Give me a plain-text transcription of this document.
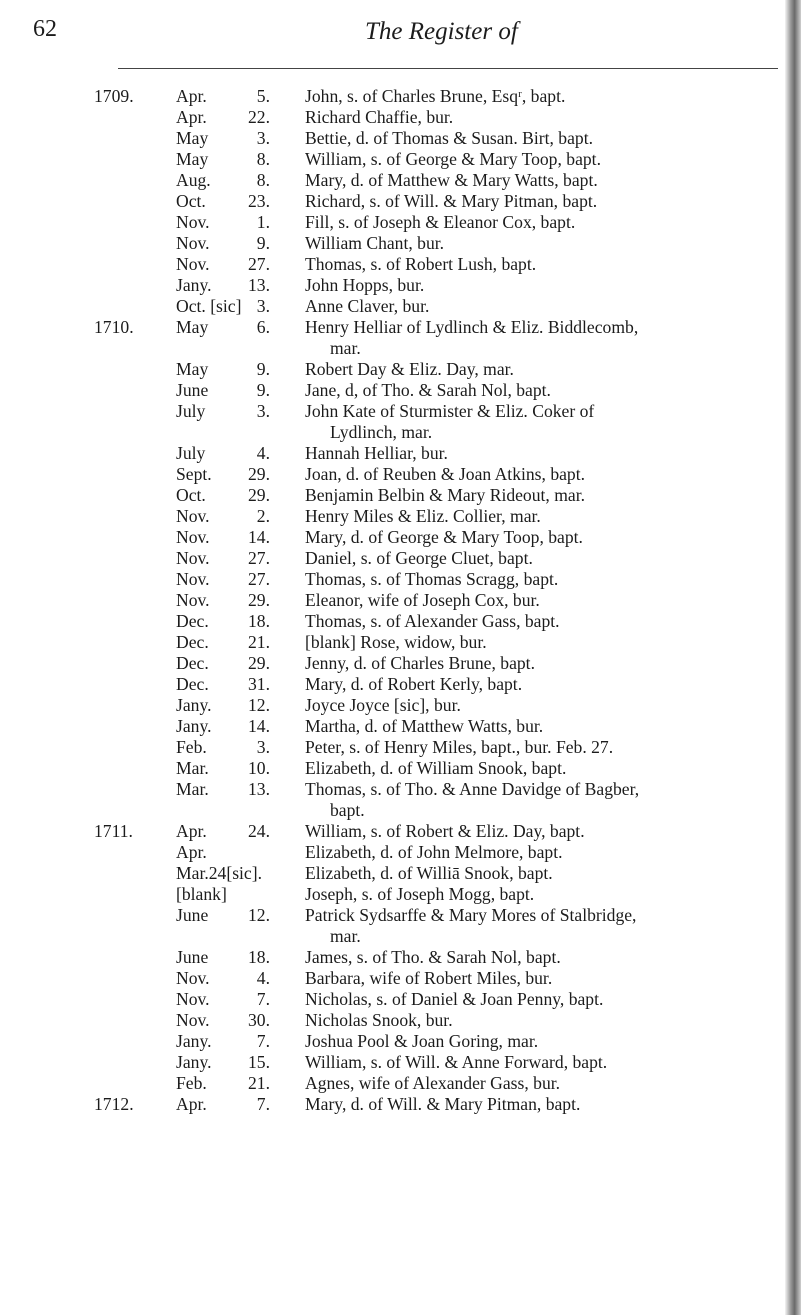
62	The Register of
1709. Apr.	5. John, s. of Charles Brune, Esqʳ, bapt.
Apr.	22. Richard Chaffie, bur.
May	3. Bettie, d. of Thomas & Susan. Birt, bapt.
May	8. William, s. of George & Mary Toop, bapt.
Aug.	8. Mary, d. of Matthew & Mary Watts, bapt.
Oct.	23. Richard, s. of Will. & Mary Pitman, bapt.
Nov.	1. Fill, s. of Joseph & Eleanor Cox, bapt.
Nov.	9. William Chant, bur.
Nov.	27. Thomas, s. of Robert Lush, bapt.
Jany.	13. John Hopps, bur.
Oct. [sic] 3. Anne Claver, bur.
1710. May	6. Henry Helliar of Lydlinch & Eliz. Biddlecomb,
mar.
May	9. Robert Day & Eliz. Day, mar.
June	9. Jane, d, of Tho. & Sarah Nol, bapt.
July	3. John Kate of Sturmister & Eliz. Coker of
Lydlinch, mar.
July	4. Hannah Helliar, bur.
Sept.	29. Joan, d. of Reuben & Joan Atkins, bapt.
Oct.	29. Benjamin Belbin & Mary Rideout, mar.
Nov.	2. Henry Miles & Eliz. Collier, mar.
Nov.	14. Mary, d. of George & Mary Toop, bapt.
Nov.	27. Daniel, s. of George Cluet, bapt.
Nov.	27. Thomas, s. of Thomas Scragg, bapt.
Nov.	29. Eleanor, wife of Joseph Cox, bur.
Dec.	18. Thomas, s. of Alexander Gass, bapt.
Dec.	21. [blank] Rose, widow, bur.
Dec.	29. Jenny, d. of Charles Brune, bapt.
Dec.	31. Mary, d. of Robert Kerly, bapt.
Jany.	12. Joyce Joyce [sic], bur.
Jany.	14. Martha, d. of Matthew Watts, bur.
Feb.	3. Peter, s. of Henry Miles, bapt., bur. Feb. 27.
Mar.	10. Elizabeth, d. of William Snook, bapt.
Mar.	13. Thomas, s. of Tho. & Anne Davidge of Bagber,
bapt.
1711. Apr.	24. William, s. of Robert & Eliz. Day, bapt.
Apr.	Elizabeth, d. of John Melmore, bapt.
Mar.24[sic]. Elizabeth, d. of Williā Snook, bapt.
[blank]	Joseph, s. of Joseph Mogg, bapt.
June	12. Patrick Sydsarffe & Mary Mores of Stalbridge,
mar.
June	18. James, s. of Tho. & Sarah Nol, bapt.
Nov.	4. Barbara, wife of Robert Miles, bur.
Nov.	7. Nicholas, s. of Daniel & Joan Penny, bapt.
Nov.	30. Nicholas Snook, bur.
Jany.	7. Joshua Pool & Joan Goring, mar.
Jany.	15. William, s. of Will. & Anne Forward, bapt.
Feb.	21. Agnes, wife of Alexander Gass, bur.
1712. Apr.	7. Mary, d. of Will. & Mary Pitman, bapt.
